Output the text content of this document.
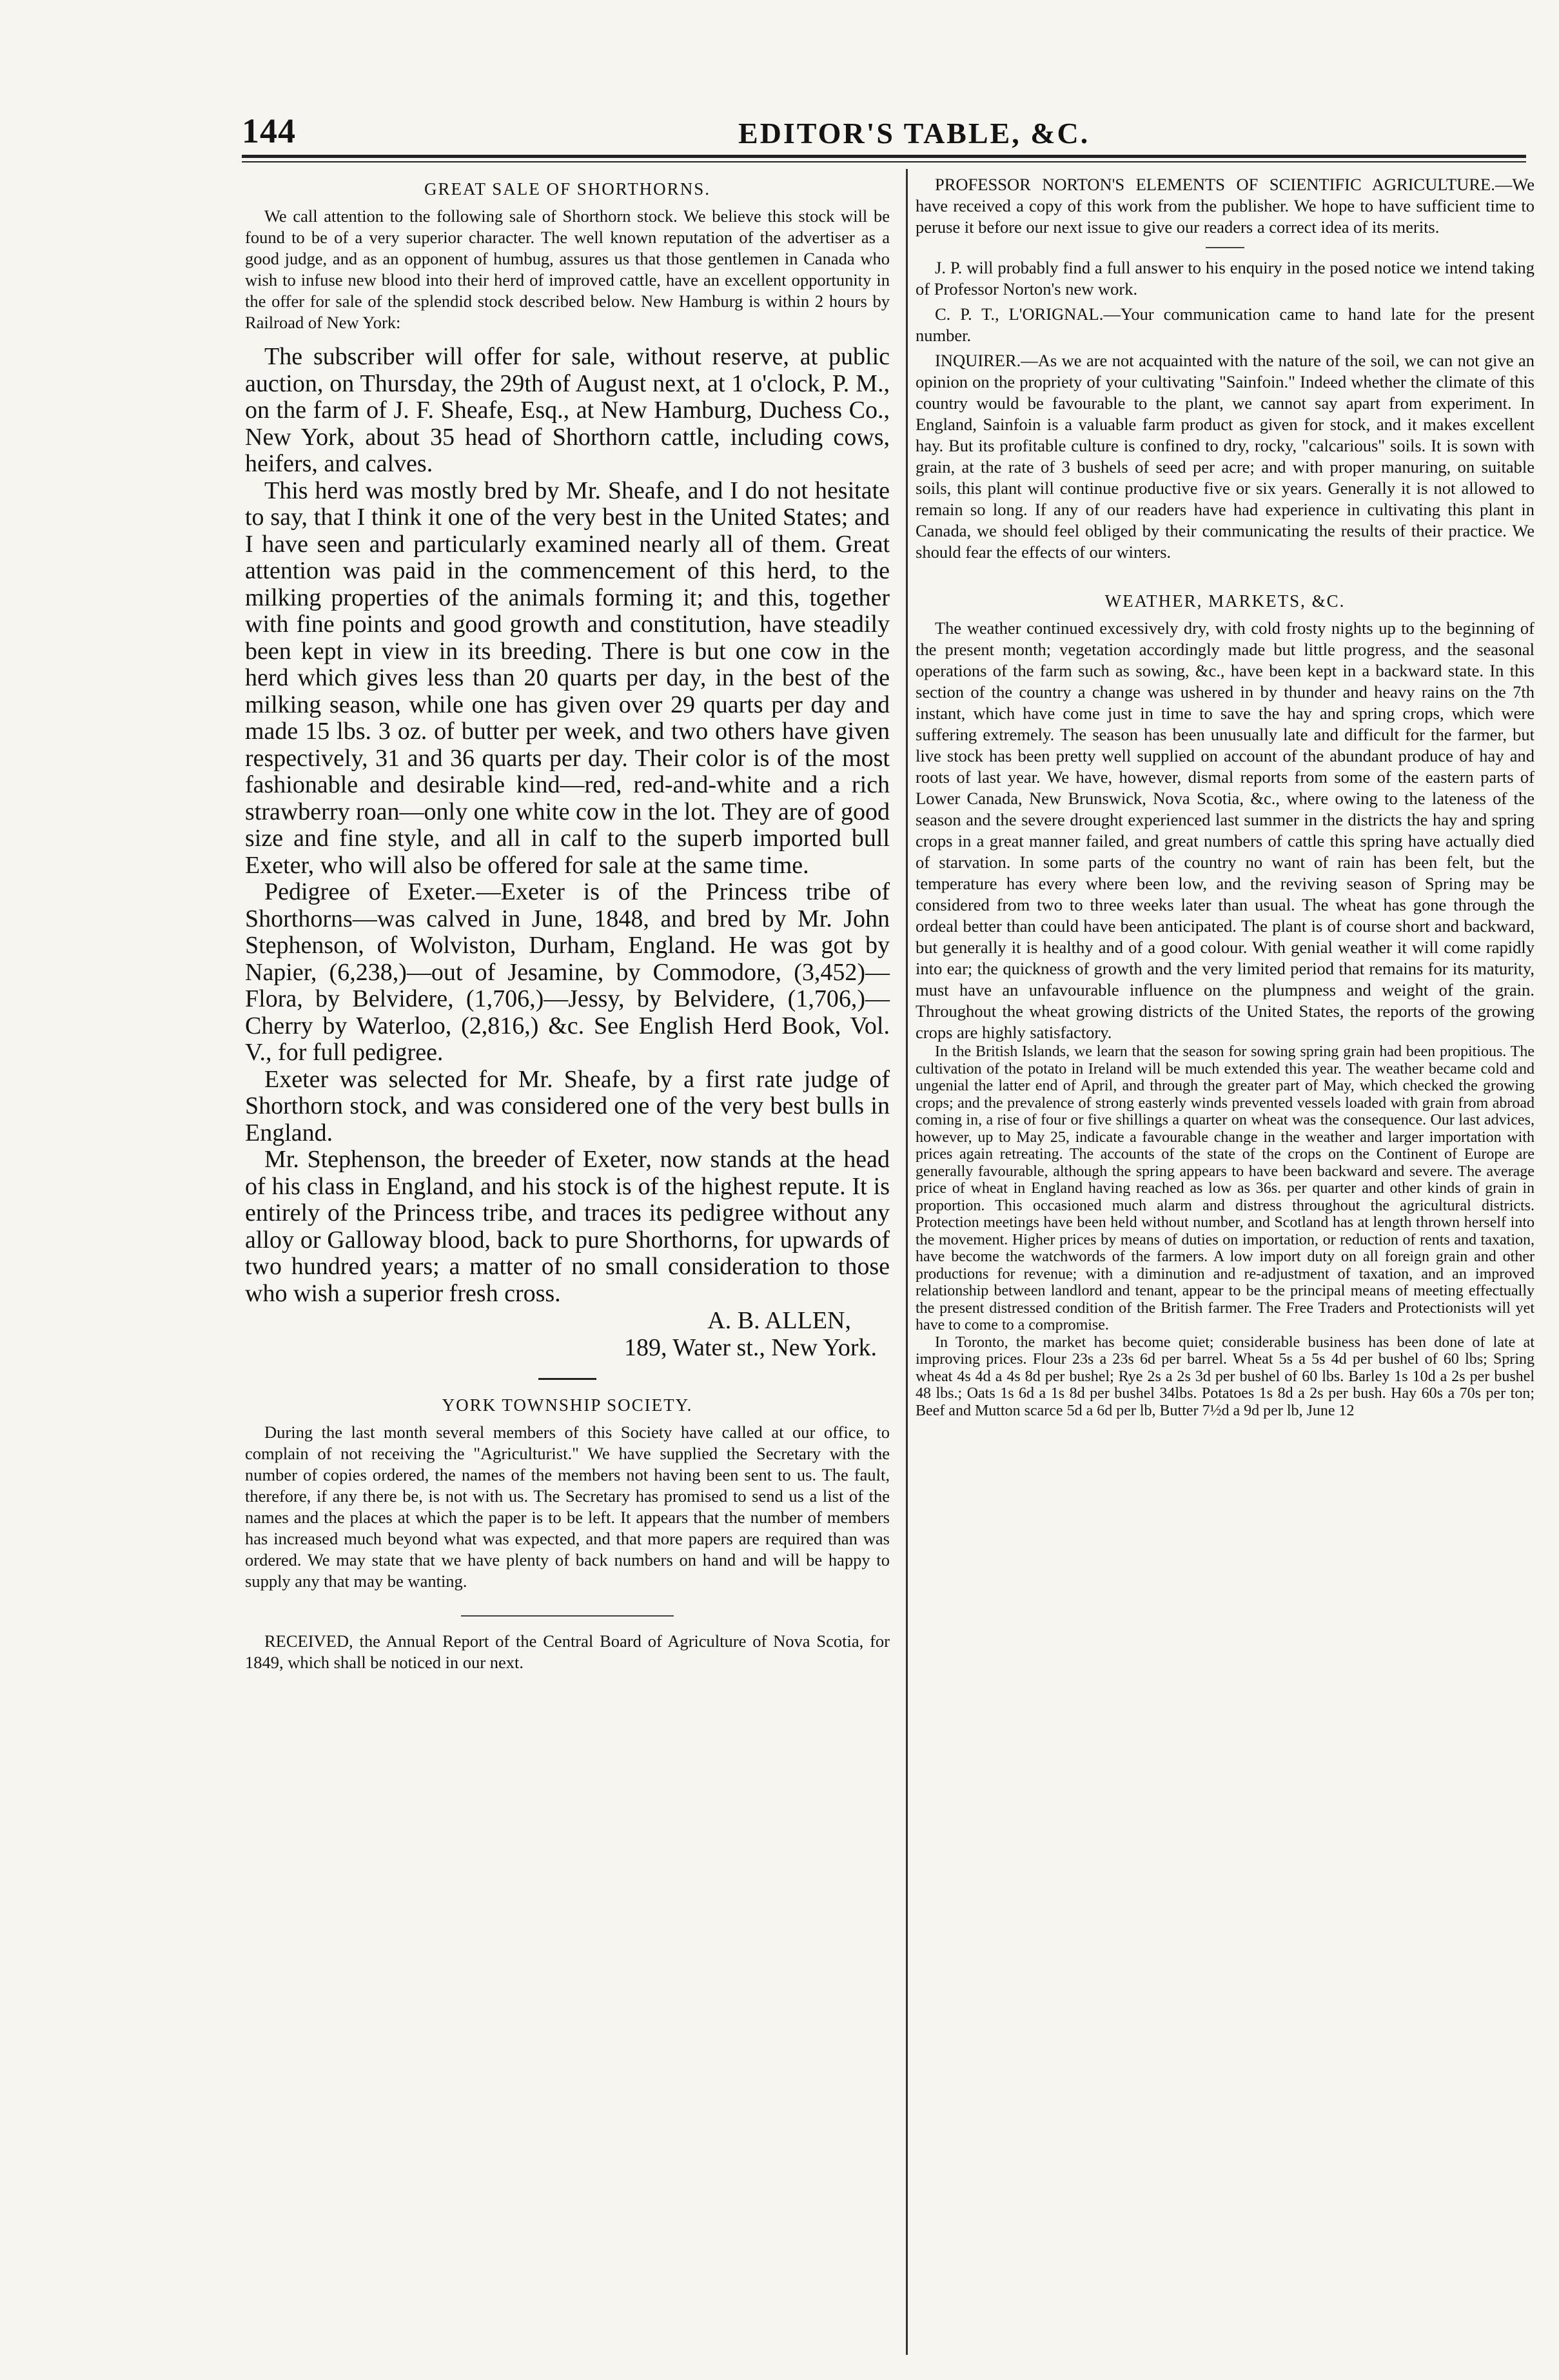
144	EDITOR'S TABLE, &C.
GREAT SALE OF SHORTHORNS.

We call attention to the following sale of Shorthorn stock. We believe this stock will be found to be of a very superior character. The well known reputation of the advertiser as a good judge, and as an opponent of humbug, assures us that those gentlemen in Canada who wish to infuse new blood into their herd of improved cattle, have an excellent opportunity in the offer for sale of the splendid stock described below. New Hamburg is within 2 hours by Railroad of New York:

The subscriber will offer for sale, without reserve, at public auction, on Thursday, the 29th of August next, at 1 o'clock, P. M., on the farm of J. F. Sheafe, Esq., at New Hamburg, Duchess Co., New York, about 35 head of Shorthorn cattle, including cows, heifers, and calves.

This herd was mostly bred by Mr. Sheafe, and I do not hesitate to say, that I think it one of the very best in the United States; and I have seen and particularly examined nearly all of them. Great attention was paid in the commencement of this herd, to the milking properties of the animals forming it; and this, together with fine points and good growth and constitution, have steadily been kept in view in its breeding. There is but one cow in the herd which gives less than 20 quarts per day, in the best of the milking season, while one has given over 29 quarts per day and made 15 lbs. 3 oz. of butter per week, and two others have given respectively, 31 and 36 quarts per day. Their color is of the most fashionable and desirable kind—red, red-and-white and a rich strawberry roan—only one white cow in the lot. They are of good size and fine style, and all in calf to the superb imported bull Exeter, who will also be offered for sale at the same time.

Pedigree of Exeter.—Exeter is of the Princess tribe of Shorthorns—was calved in June, 1848, and bred by Mr. John Stephenson, of Wolviston, Durham, England. He was got by Napier, (6,238,)—out of Jesamine, by Commodore, (3,452)—Flora, by Belvidere, (1,706,)—Jessy, by Belvidere, (1,706,)—Cherry by Waterloo, (2,816,) &c. See English Herd Book, Vol. V., for full pedigree.

Exeter was selected for Mr. Sheafe, by a first rate judge of Shorthorn stock, and was considered one of the very best bulls in England.

Mr. Stephenson, the breeder of Exeter, now stands at the head of his class in England, and his stock is of the highest repute. It is entirely of the Princess tribe, and traces its pedigree without any alloy or Galloway blood, back to pure Shorthorns, for upwards of two hundred years; a matter of no small consideration to those who wish a superior fresh cross.

A. B. ALLEN,

189, Water st., New York.

YORK TOWNSHIP SOCIETY.

During the last month several members of this Society have called at our office, to complain of not receiving the "Agriculturist." We have supplied the Secretary with the number of copies ordered, the names of the members not having been sent to us. The fault, therefore, if any there be, is not with us. The Secretary has promised to send us a list of the names and the places at which the paper is to be left. It appears that the number of members has increased much beyond what was expected, and that more papers are required than was ordered. We may state that we have plenty of back numbers on hand and will be happy to supply any that may be wanting.

RECEIVED, the Annual Report of the Central Board of Agriculture of Nova Scotia, for 1849, which shall be noticed in our next.

PROFESSOR NORTON'S ELEMENTS OF SCIENTIFIC AGRICULTURE.—We have received a copy of this work from the publisher. We hope to have sufficient time to peruse it before our next issue to give our readers a correct idea of its merits.

J. P. will probably find a full answer to his enquiry in the posed notice we intend taking of Professor Norton's new work.

C. P. T., L'ORIGNAL.—Your communication came to hand late for the present number.

INQUIRER.—As we are not acquainted with the nature of the soil, we can not give an opinion on the propriety of your cultivating "Sainfoin." Indeed whether the climate of this country would be favourable to the plant, we cannot say apart from experiment. In England, Sainfoin is a valuable farm product as given for stock, and it makes excellent hay. But its profitable culture is confined to dry, rocky, "calcarious" soils. It is sown with grain, at the rate of 3 bushels of seed per acre; and with proper manuring, on suitable soils, this plant will continue productive five or six years. Generally it is not allowed to remain so long. If any of our readers have had experience in cultivating this plant in Canada, we should feel obliged by their communicating the results of their practice. We should fear the effects of our winters.

WEATHER, MARKETS, &C.

The weather continued excessively dry, with cold frosty nights up to the beginning of the present month; vegetation accordingly made but little progress, and the seasonal operations of the farm such as sowing, &c., have been kept in a backward state. In this section of the country a change was ushered in by thunder and heavy rains on the 7th instant, which have come just in time to save the hay and spring crops, which were suffering extremely. The season has been unusually late and difficult for the farmer, but live stock has been pretty well supplied on account of the abundant produce of hay and roots of last year. We have, however, dismal reports from some of the eastern parts of Lower Canada, New Brunswick, Nova Scotia, &c., where owing to the lateness of the season and the severe drought experienced last summer in the districts the hay and spring crops in a great manner failed, and great numbers of cattle this spring have actually died of starvation. In some parts of the country no want of rain has been felt, but the temperature has every where been low, and the reviving season of Spring may be considered from two to three weeks later than usual. The wheat has gone through the ordeal better than could have been anticipated. The plant is of course short and backward, but generally it is healthy and of a good colour. With genial weather it will come rapidly into ear; the quickness of growth and the very limited period that remains for its maturity, must have an unfavourable influence on the plumpness and weight of the grain. Throughout the wheat growing districts of the United States, the reports of the growing crops are highly satisfactory.

In the British Islands, we learn that the season for sowing spring grain had been propitious. The cultivation of the potato in Ireland will be much extended this year. The weather became cold and ungenial the latter end of April, and through the greater part of May, which checked the growing crops; and the prevalence of strong easterly winds prevented vessels loaded with grain from abroad coming in, a rise of four or five shillings a quarter on wheat was the consequence. Our last advices, however, up to May 25, indicate a favourable change in the weather and larger importation with prices again retreating. The accounts of the state of the crops on the Continent of Europe are generally favourable, although the spring appears to have been backward and severe. The average price of wheat in England having reached as low as 36s. per quarter and other kinds of grain in proportion. This occasioned much alarm and distress throughout the agricultural districts. Protection meetings have been held without number, and Scotland has at length thrown herself into the movement. Higher prices by means of duties on importation, or reduction of rents and taxation, have become the watchwords of the farmers. A low import duty on all foreign grain and other productions for revenue; with a diminution and re-adjustment of taxation, and an improved relationship between landlord and tenant, appear to be the principal means of meeting effectually the present distressed condition of the British farmer. The Free Traders and Protectionists will yet have to come to a compromise.

In Toronto, the market has become quiet; considerable business has been done of late at improving prices. Flour 23s a 23s 6d per barrel. Wheat 5s a 5s 4d per bushel of 60 lbs; Spring wheat 4s 4d a 4s 8d per bushel; Rye 2s a 2s 3d per bushel of 60 lbs. Barley 1s 10d a 2s per bushel 48 lbs.; Oats 1s 6d a 1s 8d per bushel 34lbs. Potatoes 1s 8d a 2s per bush. Hay 60s a 70s per ton; Beef and Mutton scarce 5d a 6d per lb, Butter 7½d a 9d per lb, June 12
